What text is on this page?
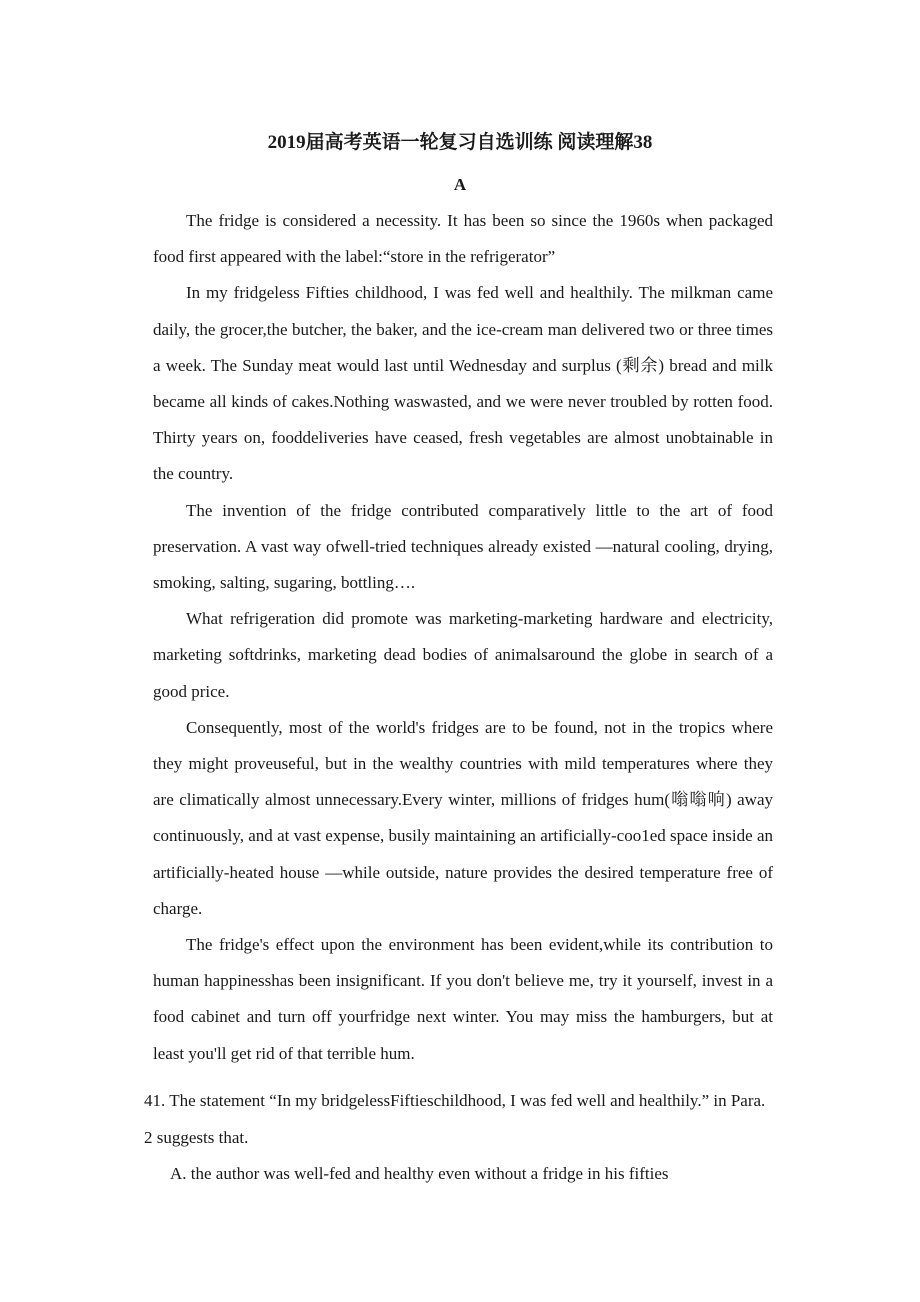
2019届高考英语一轮复习自选训练 阅读理解38
A

The fridge is considered a necessity. It has been so since the 1960s when packaged food first appeared with the label:“store in the refrigerator”

In my fridgeless Fifties childhood, I was fed well and healthily. The milkman came daily, the grocer,the butcher, the baker, and the ice-cream man delivered two or three times a week. The Sunday meat would last until Wednesday and surplus (剩余) bread and milk became all kinds of cakes.Nothing waswasted, and we were never troubled by rotten food. Thirty years on, fooddeliveries have ceased, fresh vegetables are almost unobtainable in the country.

The invention of the fridge contributed comparatively little to the art of food preservation. A vast way ofwell-tried techniques already existed —natural cooling, drying, smoking, salting, sugaring, bottling….

What refrigeration did promote was marketing-marketing hardware and electricity, marketing softdrinks, marketing dead bodies of animalsaround the globe in search of a good price.

Consequently, most of the world's fridges are to be found, not in the tropics where they might proveuseful, but in the wealthy countries with mild temperatures where they are climatically almost unnecessary.Every winter, millions of fridges hum(嗡嗡响) away continuously, and at vast expense, busily maintaining an artificially-coo1ed space inside an artificially-heated house —while outside, nature provides the desired temperature free of charge.

The fridge's effect upon the environment has been evident,while its contribution to human happinesshas been insignificant. If you don't believe me, try it yourself, invest in a food cabinet and turn off yourfridge next winter. You may miss the hamburgers, but at least you'll get rid of that terrible hum.

41. The statement “In my bridgelessFiftieschildhood, I was fed well and healthily.” in Para. 2 suggests that.

A. the author was well-fed and healthy even without a fridge in his fifties
